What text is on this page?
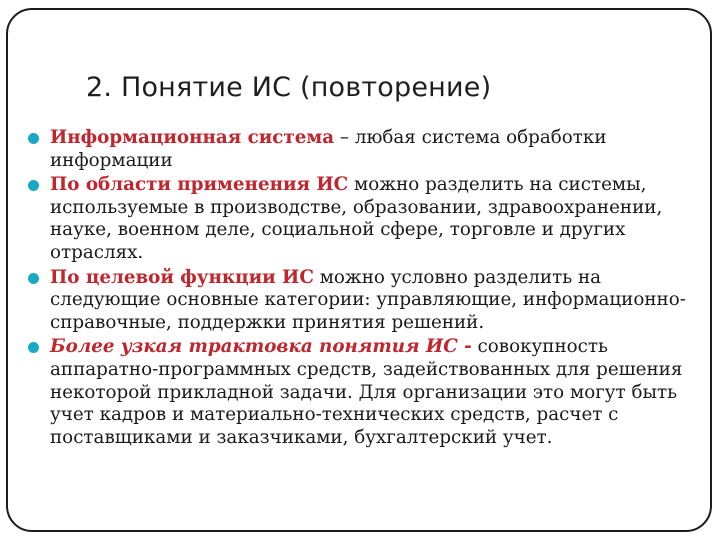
2. Понятие ИС (повторение)
Информационная система – любая система обработки информации
По области применения ИС можно разделить на системы, используемые в производстве, образовании, здравоохранении, науке, военном деле, социальной сфере, торговле и других отраслях.
По целевой функции ИС можно условно разделить на следующие основные категории: управляющие, информационно-справочные, поддержки принятия решений.
Более узкая трактовка понятия ИС - совокупность аппаратно-программных средств, задействованных для решения некоторой прикладной задачи. Для организации это могут быть учет кадров и материально-технических средств, расчет с поставщиками и заказчиками, бухгалтерский учет.
